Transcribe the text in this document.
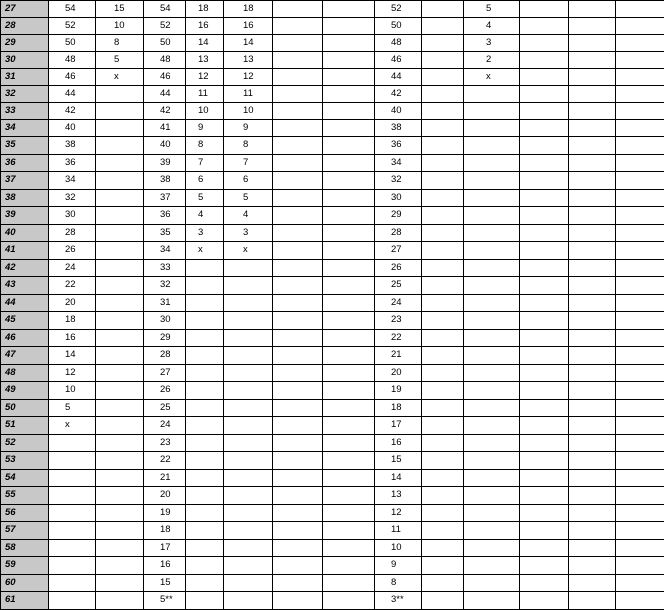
27	54	15	54	18	18			52		5			
28	52	10	52	16	16			50		4			
29	50	8	50	14	14			48		3			
30	48	5	48	13	13			46		2			
31	46	x	46	12	12			44		x			
32	44		44	11	11			42					
33	42		42	10	10			40					
34	40		41	9	9			38					
35	38		40	8	8			36					
36	36		39	7	7			34					
37	34		38	6	6			32					
38	32		37	5	5			30					
39	30		36	4	4			29					
40	28		35	3	3			28					
41	26		34	x	x			27					
42	24		33					26					
43	22		32					25					
44	20		31					24					
45	18		30					23					
46	16		29					22					
47	14		28					21					
48	12		27					20					
49	10		26					19					
50	5		25					18					
51	x		24					17					
52			23					16					
53			22					15					
54			21					14					
55			20					13					
56			19					12					
57			18					11					
58			17					10					
59			16					9					
60			15					8					
61			5**					3**					
